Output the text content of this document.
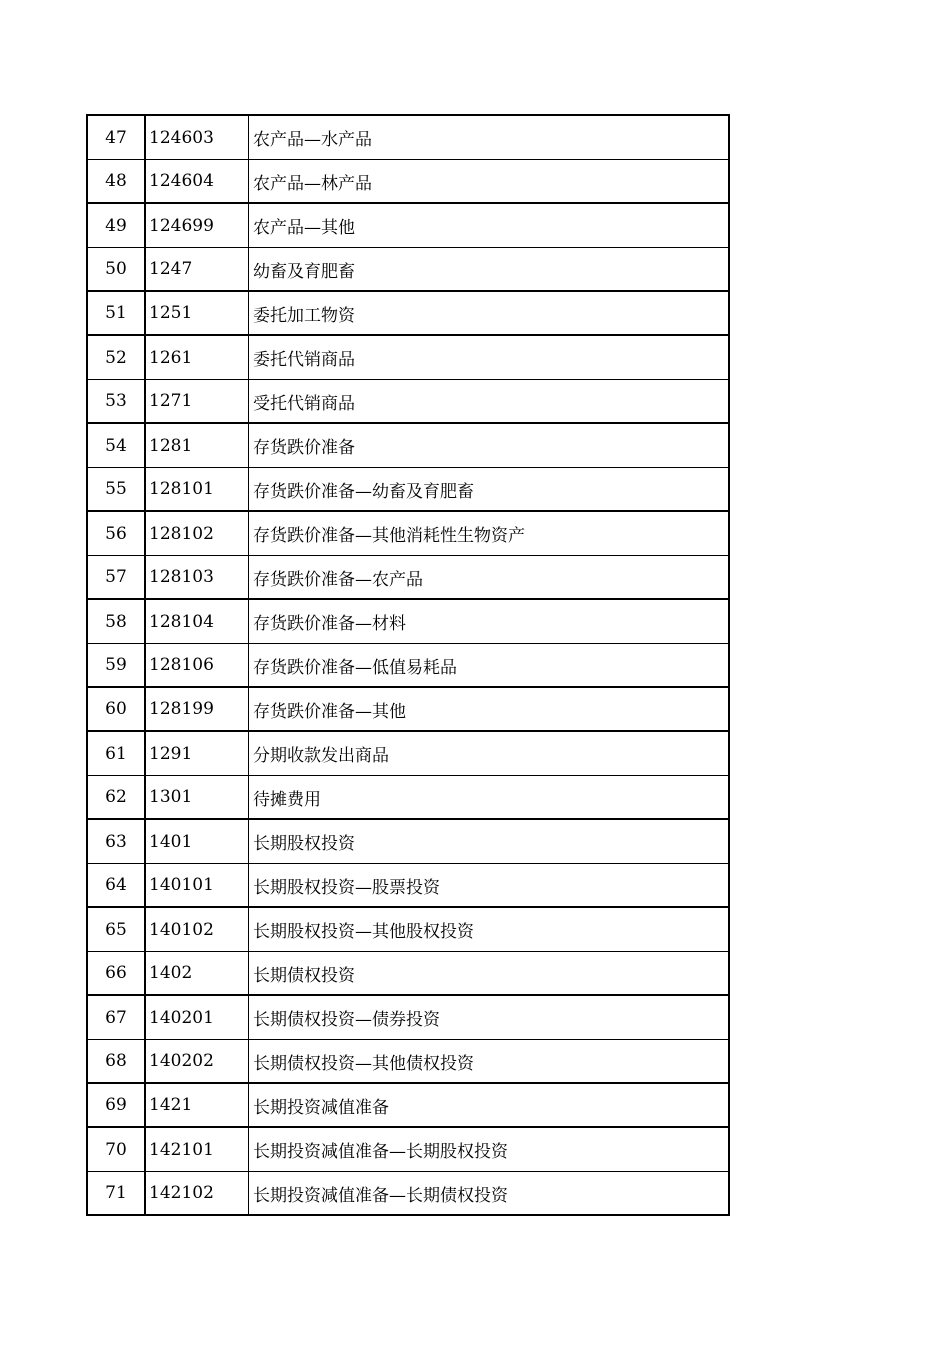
47	124603	农产品—水产品
48	124604	农产品—林产品
49	124699	农产品—其他
50	1247	幼畜及育肥畜
51	1251	委托加工物资
52	1261	委托代销商品
53	1271	受托代销商品
54	1281	存货跌价准备
55	128101	存货跌价准备—幼畜及育肥畜
56	128102	存货跌价准备—其他消耗性生物资产
57	128103	存货跌价准备—农产品
58	128104	存货跌价准备—材料
59	128106	存货跌价准备—低值易耗品
60	128199	存货跌价准备—其他
61	1291	分期收款发出商品
62	1301	待摊费用
63	1401	长期股权投资
64	140101	长期股权投资—股票投资
65	140102	长期股权投资—其他股权投资
66	1402	长期债权投资
67	140201	长期债权投资—债券投资
68	140202	长期债权投资—其他债权投资
69	1421	长期投资减值准备
70	142101	长期投资减值准备—长期股权投资
71	142102	长期投资减值准备—长期债权投资
